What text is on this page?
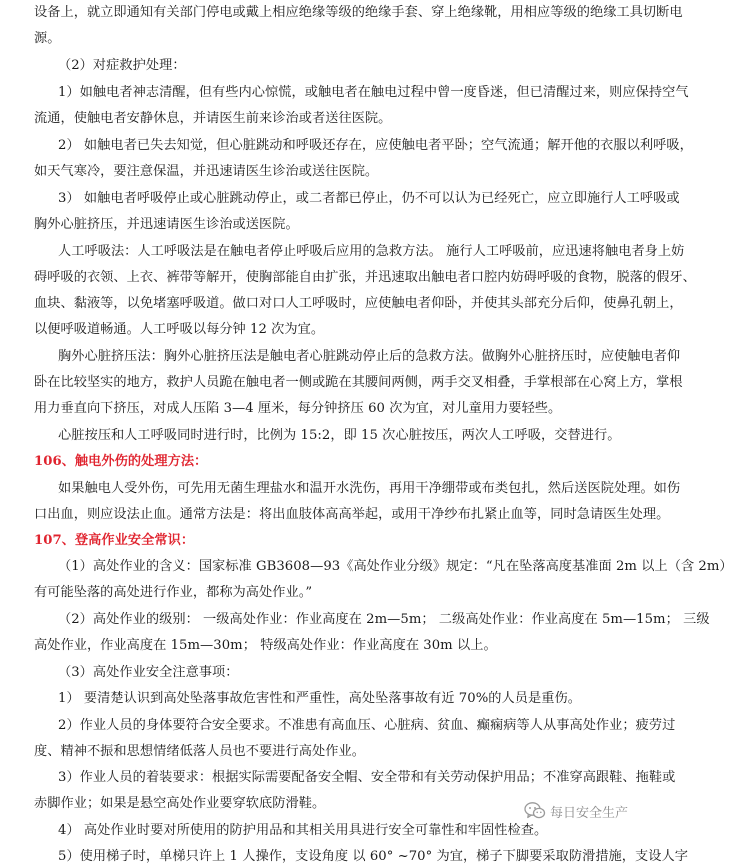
设备上，就立即通知有关部门停电或戴上相应绝缘等级的绝缘手套、穿上绝缘靴，用相应等级的绝缘工具切断电
源。
（2）对症救护处理：
1）如触电者神志清醒，但有些内心惊慌，或触电者在触电过程中曾一度昏迷，但已清醒过来，则应保持空气
流通，使触电者安静休息，并请医生前来诊治或者送往医院。
2） 如触电者已失去知觉，但心脏跳动和呼吸还存在，应使触电者平卧；空气流通；解开他的衣服以利呼吸，
如天气寒冷，要注意保温，并迅速请医生诊治或送往医院。
3） 如触电者呼吸停止或心脏跳动停止，或二者都已停止，仍不可以认为已经死亡，应立即施行人工呼吸或
胸外心脏挤压，并迅速请医生诊治或送医院。
人工呼吸法：人工呼吸法是在触电者停止呼吸后应用的急救方法。 施行人工呼吸前，应迅速将触电者身上妨
碍呼吸的衣领、上衣、裤带等解开，使胸部能自由扩张，并迅速取出触电者口腔内妨碍呼吸的食物，脱落的假牙、
血块、黏液等，以免堵塞呼吸道。做口对口人工呼吸时，应使触电者仰卧，并使其头部充分后仰，使鼻孔朝上，
以便呼吸道畅通。人工呼吸以每分钟 12 次为宜。
胸外心脏挤压法：胸外心脏挤压法是触电者心脏跳动停止后的急救方法。做胸外心脏挤压时，应使触电者仰
卧在比较坚实的地方，救护人员跪在触电者一侧或跪在其腰间两侧，两手交叉相叠，手掌根部在心窝上方，掌根
用力垂直向下挤压，对成人压陷 3—4 厘米，每分钟挤压 60 次为宜，对儿童用力要轻些。
心脏按压和人工呼吸同时进行时，比例为 15:2，即 15 次心脏按压，两次人工呼吸，交替进行。
106、触电外伤的处理方法：
如果触电人受外伤，可先用无菌生理盐水和温开水洗伤，再用干净绷带或布类包扎，然后送医院处理。如伤
口出血，则应设法止血。通常方法是：将出血肢体高高举起，或用干净纱布扎紧止血等，同时急请医生处理。
107、登高作业安全常识：
（1）高处作业的含义：国家标准 GB3608—93《高处作业分级》规定：“凡在坠落高度基准面 2m 以上（含 2m）
有可能坠落的高处进行作业，都称为高处作业。”
（2）高处作业的级别： 一级高处作业：作业高度在 2m—5m； 二级高处作业：作业高度在 5m—15m； 三级
高处作业，作业高度在 15m—30m； 特级高处作业：作业高度在 30m 以上。
（3）高处作业安全注意事项：
1） 要清楚认识到高处坠落事故危害性和严重性，高处坠落事故有近 70%的人员是重伤。
2）作业人员的身体要符合安全要求。不准患有高血压、心脏病、贫血、癫痫病等人从事高处作业；疲劳过
度、精神不振和思想情绪低落人员也不要进行高处作业。
3）作业人员的着装要求：根据实际需要配备安全帽、安全带和有关劳动保护用品；不准穿高跟鞋、拖鞋或
赤脚作业；如果是悬空高处作业要穿软底防滑鞋。
4） 高处作业时要对所使用的防护用品和其相关用具进行安全可靠性和牢固性检查。
5）使用梯子时，单梯只许上 1 人操作，支设角度 以 60° ~70° 为宜，梯子下脚要采取防滑措施，支设人字
每日安全生产
